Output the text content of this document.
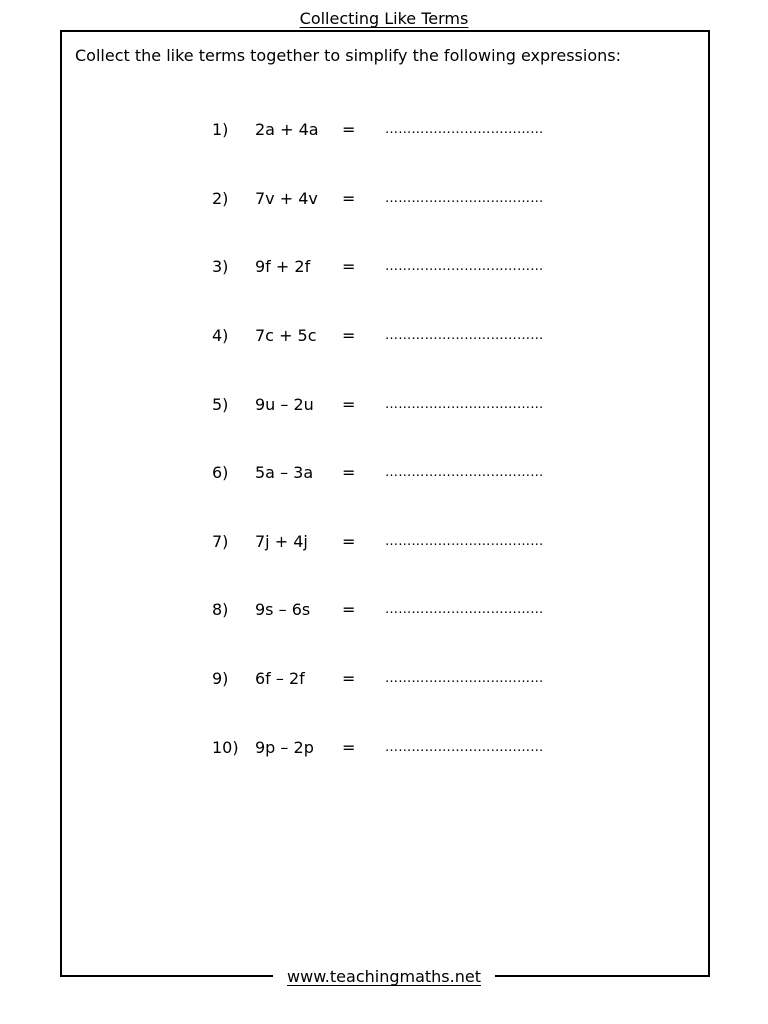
Collecting Like Terms
Collect the like terms together to simplify the following expressions:
1) 2a + 4a = ………………………………
2) 7v + 4v = ………………………………
3) 9f + 2f = ………………………………
4) 7c + 5c = ………………………………
5) 9u – 2u = ………………………………
6) 5a – 3a = ………………………………
7) 7j + 4j = ………………………………
8) 9s – 6s = ………………………………
9) 6f – 2f = ………………………………
10) 9p – 2p = ………………………………
www.teachingmaths.net
